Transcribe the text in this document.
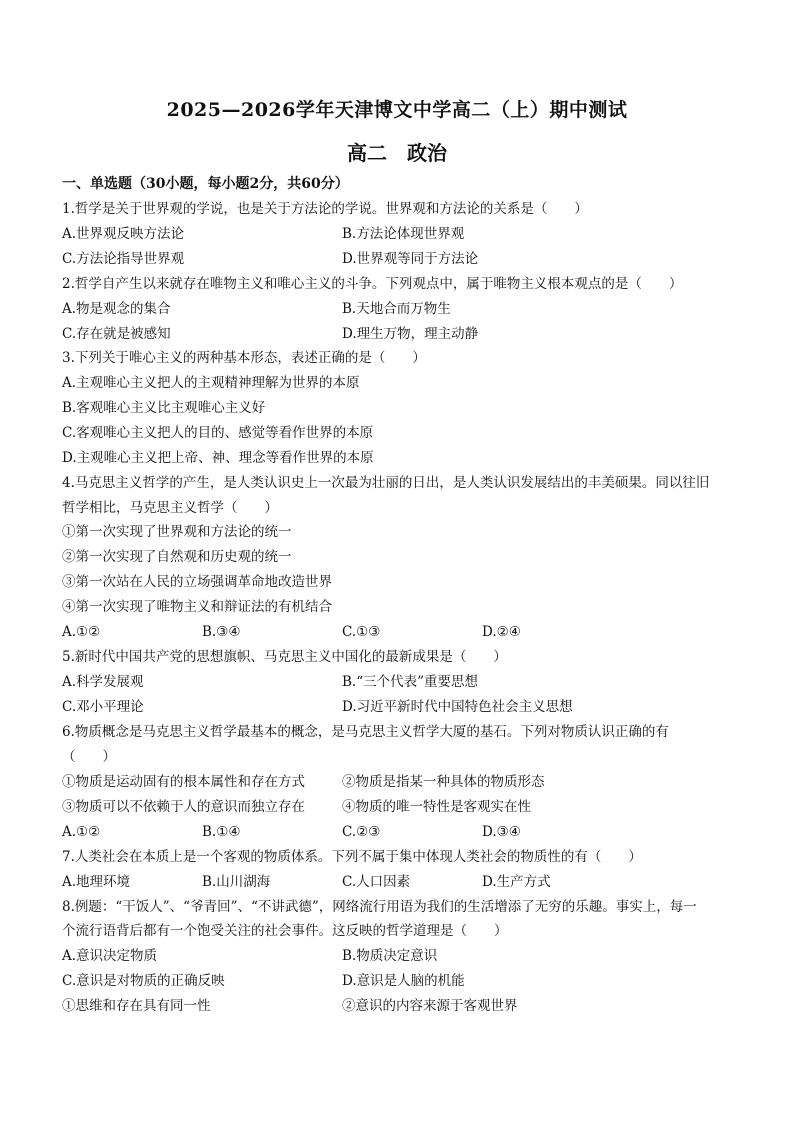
2025—2026学年天津博文中学高二（上）期中测试
高二　政治
一、单选题（30小题，每小题2分，共60分）
1.哲学是关于世界观的学说，也是关于方法论的学说。世界观和方法论的关系是（　　）
A.世界观反映方法论	B.方法论体现世界观
C.方法论指导世界观	D.世界观等同于方法论
2.哲学自产生以来就存在唯物主义和唯心主义的斗争。下列观点中，属于唯物主义根本观点的是（　　）
A.物是观念的集合	B.天地合而万物生
C.存在就是被感知	D.理生万物，理主动静
3.下列关于唯心主义的两种基本形态，表述正确的是（　　）
A.主观唯心主义把人的主观精神理解为世界的本原
B.客观唯心主义比主观唯心主义好
C.客观唯心主义把人的目的、感觉等看作世界的本原
D.主观唯心主义把上帝、神、理念等看作世界的本原
4.马克思主义哲学的产生，是人类认识史上一次最为壮丽的日出，是人类认识发展结出的丰美硕果。同以往旧
哲学相比，马克思主义哲学（　　）
①第一次实现了世界观和方法论的统一
②第一次实现了自然观和历史观的统一
③第一次站在人民的立场强调革命地改造世界
④第一次实现了唯物主义和辩证法的有机结合
A.①②	B.③④	C.①③	D.②④
5.新时代中国共产党的思想旗帜、马克思主义中国化的最新成果是（　　）
A.科学发展观	B.“三个代表”重要思想
C.邓小平理论	D.习近平新时代中国特色社会主义思想
6.物质概念是马克思主义哲学最基本的概念，是马克思主义哲学大厦的基石。下列对物质认识正确的有
（　　）
①物质是运动固有的根本属性和存在方式	②物质是指某一种具体的物质形态
③物质可以不依赖于人的意识而独立存在	④物质的唯一特性是客观实在性
A.①②	B.①④	C.②③	D.③④
7.人类社会在本质上是一个客观的物质体系。下列不属于集中体现人类社会的物质性的有（　　）
A.地理环境	B.山川湖海	C.人口因素	D.生产方式
8.例题：“干饭人”、“爷青回”、“不讲武德”，网络流行用语为我们的生活增添了无穷的乐趣。事实上，每一
个流行语背后都有一个饱受关注的社会事件。这反映的哲学道理是（　　）
A.意识决定物质	B.物质决定意识
C.意识是对物质的正确反映	D.意识是人脑的机能
①思维和存在具有同一性	②意识的内容来源于客观世界
